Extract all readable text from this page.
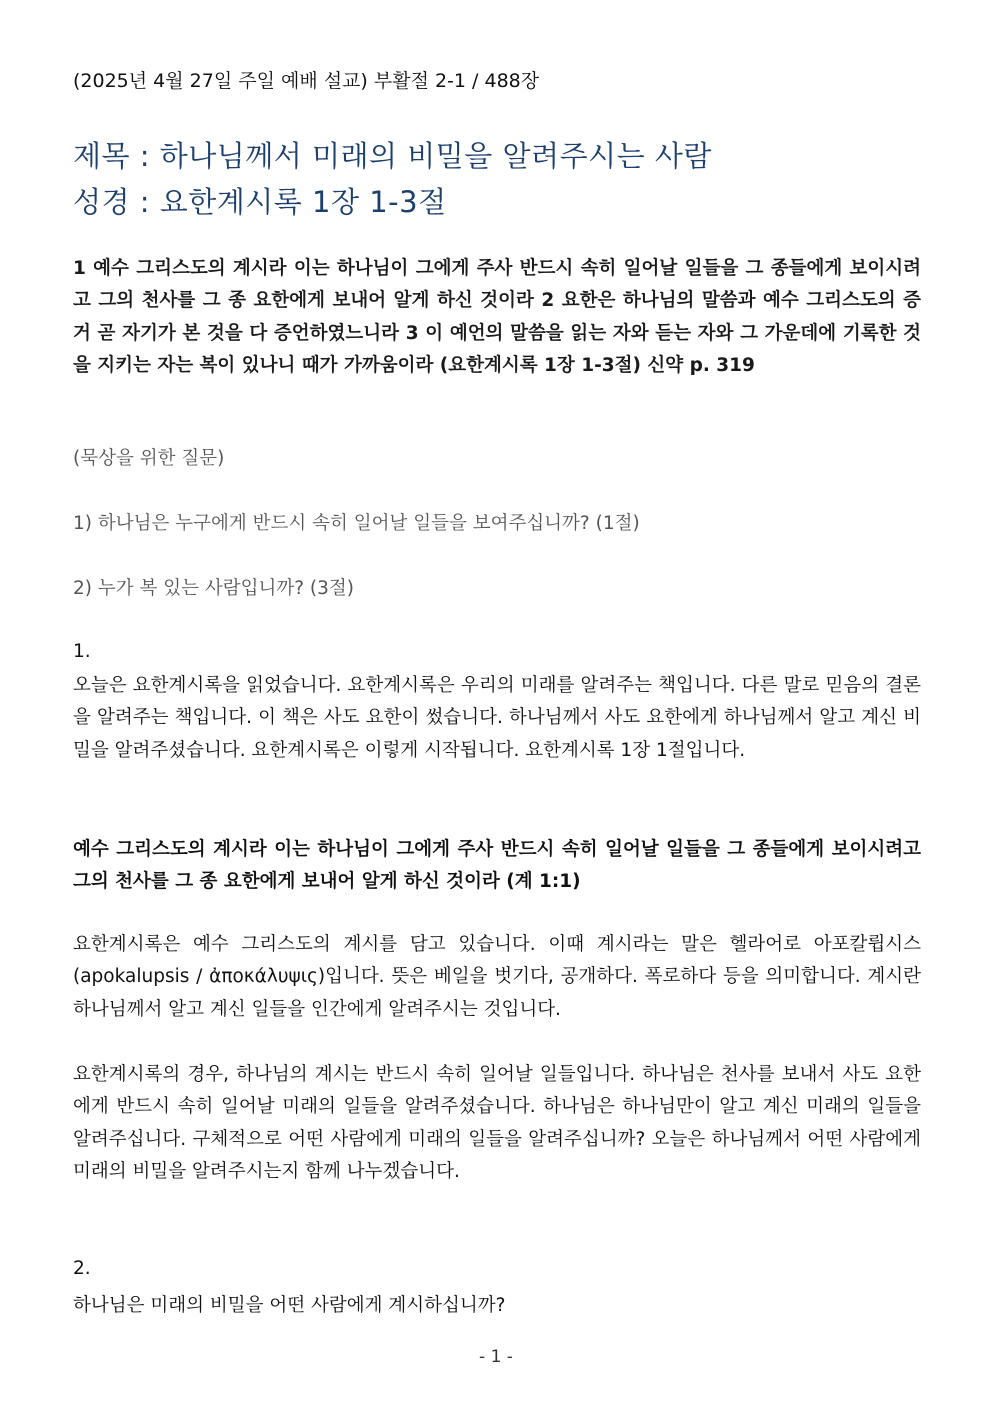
(2025년 4월 27일 주일 예배 설교) 부활절 2-1 / 488장
제목 : 하나님께서 미래의 비밀을 알려주시는 사람
성경 : 요한계시록 1장 1-3절
1 예수 그리스도의 계시라 이는 하나님이 그에게 주사 반드시 속히 일어날 일들을 그 종들에게 보이시려고 그의 천사를 그 종 요한에게 보내어 알게 하신 것이라 2 요한은 하나님의 말씀과 예수 그리스도의 증거 곧 자기가 본 것을 다 증언하였느니라 3 이 예언의 말씀을 읽는 자와 듣는 자와 그 가운데에 기록한 것을 지키는 자는 복이 있나니 때가 가까움이라 (요한계시록 1장 1-3절) 신약 p. 319
(묵상을 위한 질문)
1) 하나님은 누구에게 반드시 속히 일어날 일들을 보여주십니까? (1절)
2) 누가 복 있는 사람입니까? (3절)
1.
오늘은 요한계시록을 읽었습니다. 요한계시록은 우리의 미래를 알려주는 책입니다. 다른 말로 믿음의 결론을 알려주는 책입니다. 이 책은 사도 요한이 썼습니다. 하나님께서 사도 요한에게 하나님께서 알고 계신 비밀을 알려주셨습니다. 요한계시록은 이렇게 시작됩니다. 요한계시록 1장 1절입니다.
예수 그리스도의 계시라 이는 하나님이 그에게 주사 반드시 속히 일어날 일들을 그 종들에게 보이시려고 그의 천사를 그 종 요한에게 보내어 알게 하신 것이라 (계 1:1)
요한계시록은 예수 그리스도의 계시를 담고 있습니다. 이때 계시라는 말은 헬라어로 아포칼륍시스(apokalupsis / ἀποκάλυψις)입니다. 뜻은 베일을 벗기다, 공개하다. 폭로하다 등을 의미합니다. 계시란 하나님께서 알고 계신 일들을 인간에게 알려주시는 것입니다.
요한계시록의 경우, 하나님의 계시는 반드시 속히 일어날 일들입니다. 하나님은 천사를 보내서 사도 요한에게 반드시 속히 일어날 미래의 일들을 알려주셨습니다. 하나님은 하나님만이 알고 계신 미래의 일들을 알려주십니다. 구체적으로 어떤 사람에게 미래의 일들을 알려주십니까? 오늘은 하나님께서 어떤 사람에게 미래의 비밀을 알려주시는지 함께 나누겠습니다.
2.
하나님은 미래의 비밀을 어떤 사람에게 계시하십니까?
- 1 -
